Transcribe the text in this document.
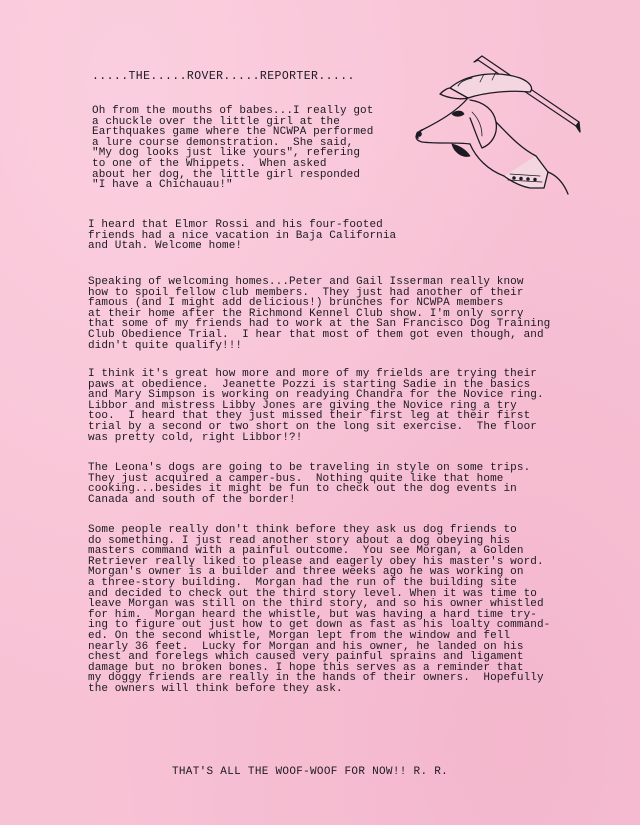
.....THE.....ROVER.....REPORTER.....

Oh from the mouths of babes...I really got
a chuckle over the little girl at the
Earthquakes game where the NCWPA performed
a lure course demonstration.  She said,
"My dog looks just like yours", refering
to one of the Whippets.  When asked
about her dog, the little girl responded
"I have a Chichauau!"

I heard that Elmor Rossi and his four-footed
friends had a nice vacation in Baja California
and Utah. Welcome home!

Speaking of welcoming homes...Peter and Gail Isserman really know
how to spoil fellow club members.  They just had another of their
famous (and I might add delicious!) brunches for NCWPA members
at their home after the Richmond Kennel Club show. I'm only sorry
that some of my friends had to work at the San Francisco Dog Training
Club Obedience Trial.  I hear that most of them got even though, and
didn't quite qualify!!!

I think it's great how more and more of my frields are trying their
paws at obedience.  Jeanette Pozzi is starting Sadie in the basics
and Mary Simpson is working on readying Chandra for the Novice ring.
Libbor and mistress Libby Jones are giving the Novice ring a try
too.  I heard that they just missed their first leg at their first
trial by a second or two short on the long sit exercise.  The floor
was pretty cold, right Libbor!?!

The Leona's dogs are going to be traveling in style on some trips.
They just acquired a camper-bus.  Nothing quite like that home
cooking...besides it might be fun to check out the dog events in
Canada and south of the border!

Some people really don't think before they ask us dog friends to
do something. I just read another story about a dog obeying his
masters command with a painful outcome.  You see Morgan, a Golden
Retriever really liked to please and eagerly obey his master's word.
Morgan's owner is a builder and three weeks ago he was working on
a three-story building.  Morgan had the run of the building site
and decided to check out the third story level. When it was time to
leave Morgan was still on the third story, and so his owner whistled
for him.  Morgan heard the whistle, but was having a hard time try-
ing to figure out just how to get down as fast as his loalty command-
ed. On the second whistle, Morgan lept from the window and fell
nearly 36 feet.  Lucky for Morgan and his owner, he landed on his
chest and forelegs which caused very painful sprains and ligament
damage but no broken bones. I hope this serves as a reminder that
my doggy friends are really in the hands of their owners.  Hopefully
the owners will think before they ask.

THAT'S ALL THE WOOF-WOOF FOR NOW!! R. R.
